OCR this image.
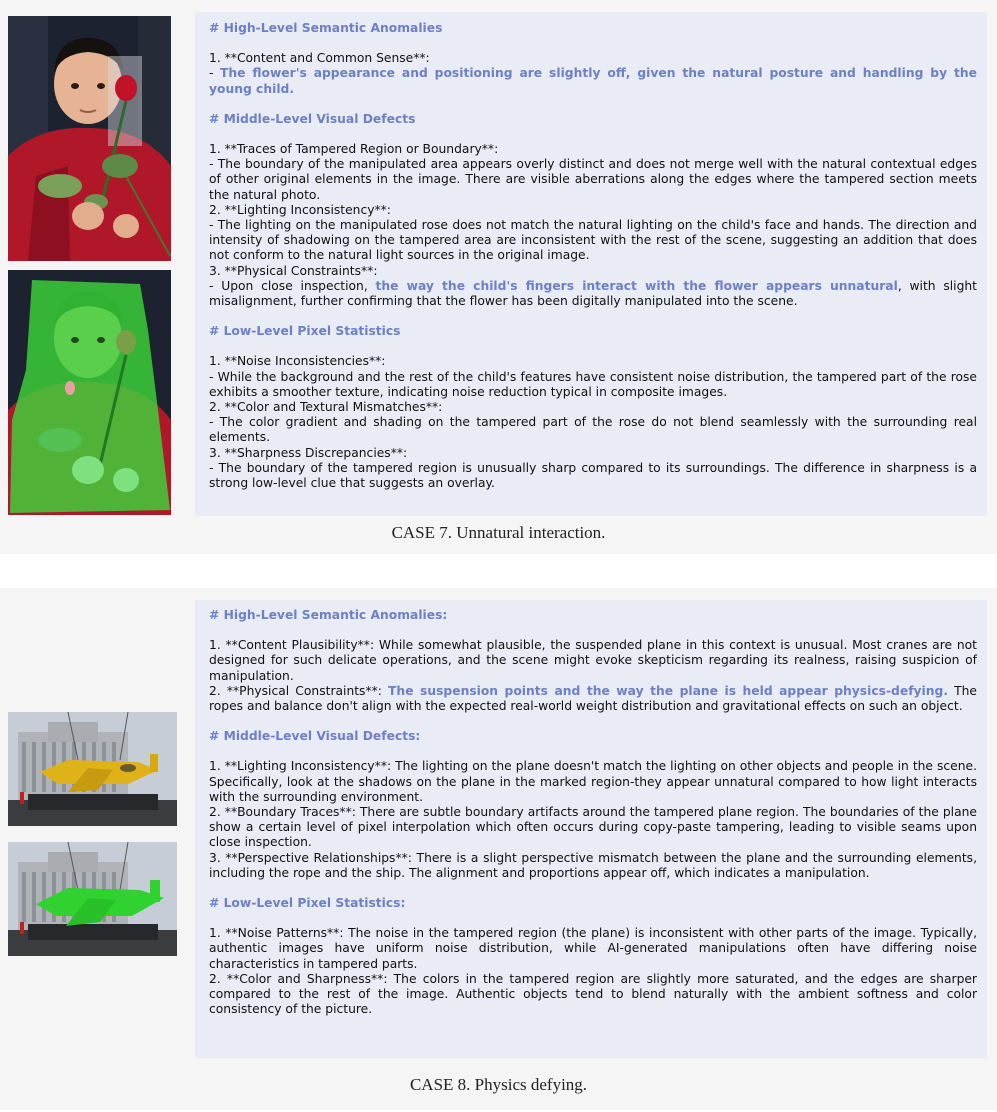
# High-Level Semantic Anomalies

1. **Content and Common Sense**:

- The flower's appearance and positioning are slightly off, given the natural posture and handling by the young child.

# Middle-Level Visual Defects

1. **Traces of Tampered Region or Boundary**:

- The boundary of the manipulated area appears overly distinct and does not merge well with the natural contextual edges of other original elements in the image. There are visible aberrations along the edges where the tampered section meets the natural photo.

2. **Lighting Inconsistency**:

- The lighting on the manipulated rose does not match the natural lighting on the child's face and hands. The direction and intensity of shadowing on the tampered area are inconsistent with the rest of the scene, suggesting an addition that does not conform to the natural light sources in the original image.

3. **Physical Constraints**:

- Upon close inspection, the way the child's fingers interact with the flower appears unnatural, with slight misalignment, further confirming that the flower has been digitally manipulated into the scene.

# Low-Level Pixel Statistics

1. **Noise Inconsistencies**:

- While the background and the rest of the child's features have consistent noise distribution, the tampered part of the rose exhibits a smoother texture, indicating noise reduction typical in composite images.

2. **Color and Textural Mismatches**:

- The color gradient and shading on the tampered part of the rose do not blend seamlessly with the surrounding real elements.

3. **Sharpness Discrepancies**:

- The boundary of the tampered region is unusually sharp compared to its surroundings. The difference in sharpness is a strong low-level clue that suggests an overlay.

CASE 7. Unnatural interaction.

# High-Level Semantic Anomalies:

1. **Content Plausibility**: While somewhat plausible, the suspended plane in this context is unusual. Most cranes are not designed for such delicate operations, and the scene might evoke skepticism regarding its realness, raising suspicion of manipulation.

2. **Physical Constraints**: The suspension points and the way the plane is held appear physics-defying. The ropes and balance don't align with the expected real-world weight distribution and gravitational effects on such an object.

# Middle-Level Visual Defects:

1. **Lighting Inconsistency**: The lighting on the plane doesn't match the lighting on other objects and people in the scene. Specifically, look at the shadows on the plane in the marked region-they appear unnatural compared to how light interacts with the surrounding environment.

2. **Boundary Traces**: There are subtle boundary artifacts around the tampered plane region. The boundaries of the plane show a certain level of pixel interpolation which often occurs during copy-paste tampering, leading to visible seams upon close inspection.

3. **Perspective Relationships**: There is a slight perspective mismatch between the plane and the surrounding elements, including the rope and the ship. The alignment and proportions appear off, which indicates a manipulation.

# Low-Level Pixel Statistics:

1. **Noise Patterns**: The noise in the tampered region (the plane) is inconsistent with other parts of the image. Typically, authentic images have uniform noise distribution, while AI-generated manipulations often have differing noise characteristics in tampered parts.

2. **Color and Sharpness**: The colors in the tampered region are slightly more saturated, and the edges are sharper compared to the rest of the image. Authentic objects tend to blend naturally with the ambient softness and color consistency of the picture.

CASE 8. Physics defying.
